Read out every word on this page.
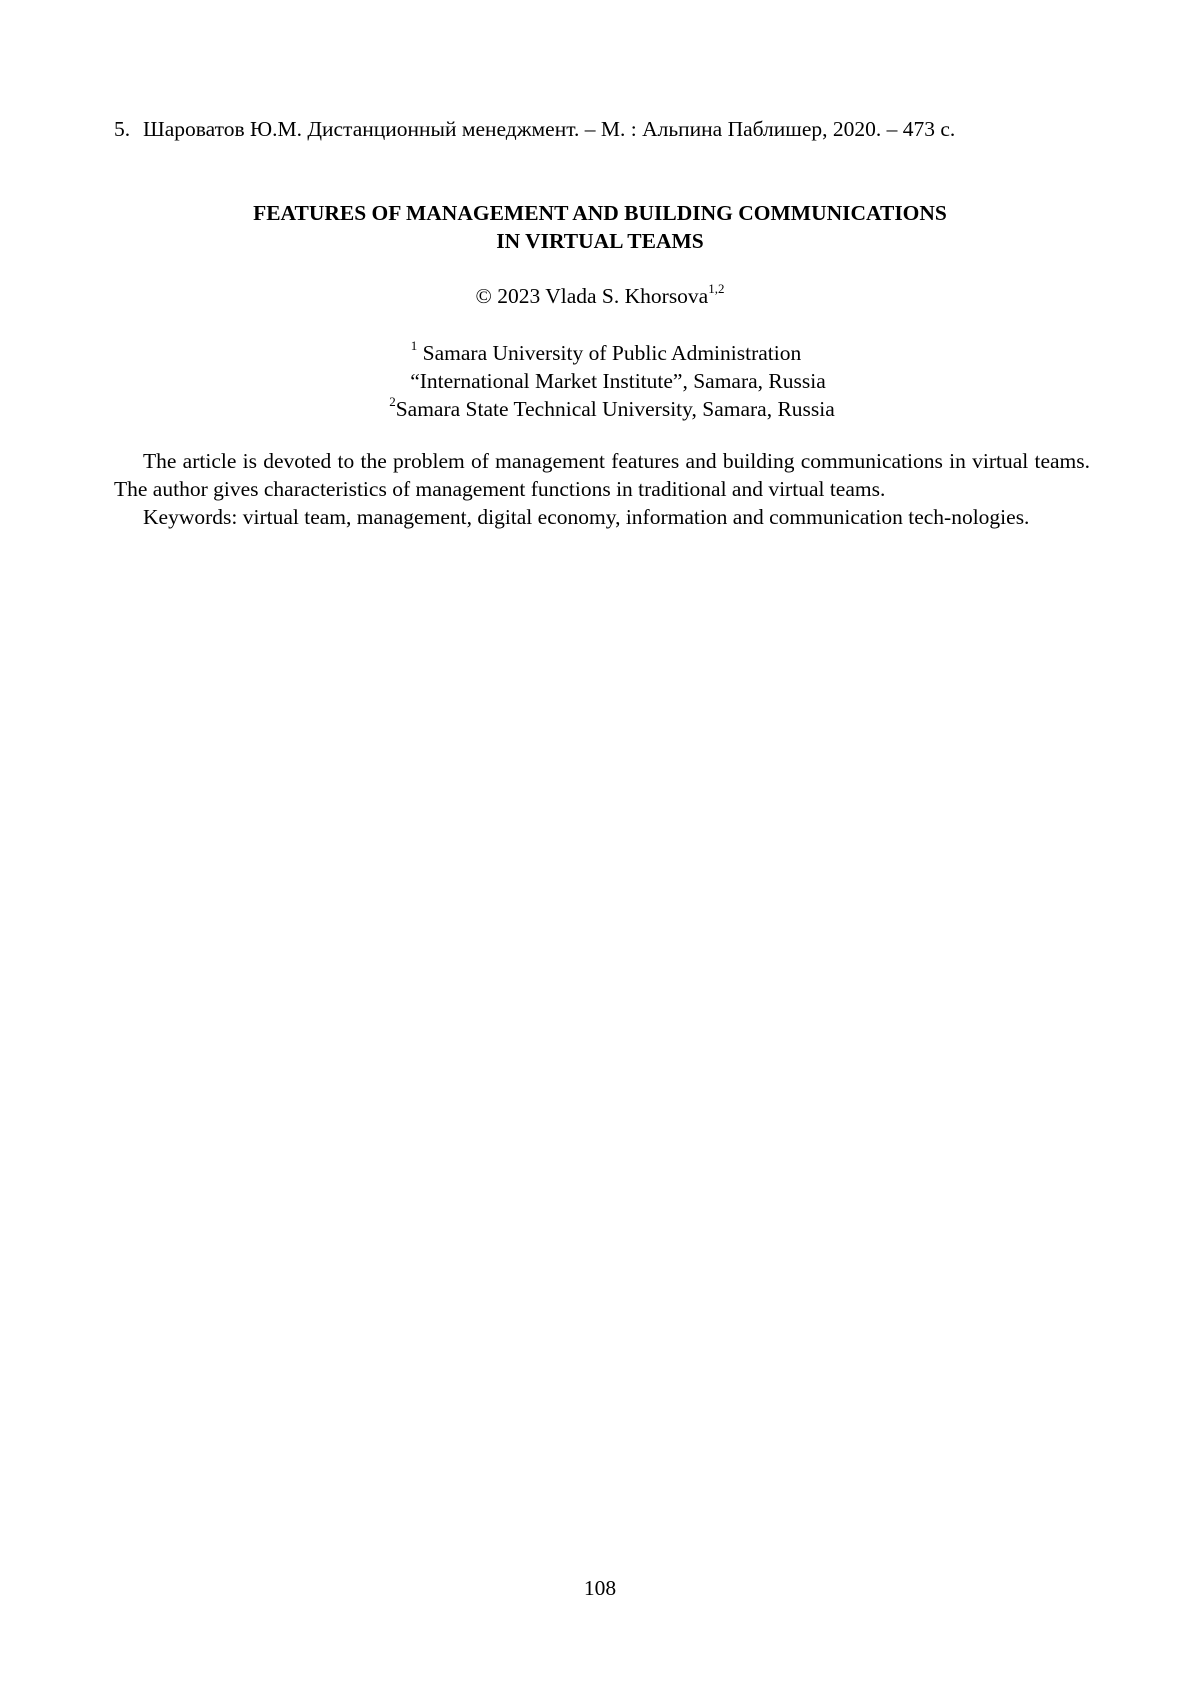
5. Шароватов Ю.М. Дистанционный менеджмент. – М. : Альпина Паблишер, 2020. – 473 с.
FEATURES OF MANAGEMENT AND BUILDING COMMUNICATIONS
IN VIRTUAL TEAMS
© 2023 Vlada S. Khorsova$^{1,2}$
$^1$ Samara University of Public Administration
“International Market Institute”, Samara, Russia
$^2$Samara State Technical University, Samara, Russia

The article is devoted to the problem of management features and building communications in virtual teams. The author gives characteristics of management functions in traditional and virtual teams.

Keywords: virtual team, management, digital economy, information and communication tech-nologies.

108
